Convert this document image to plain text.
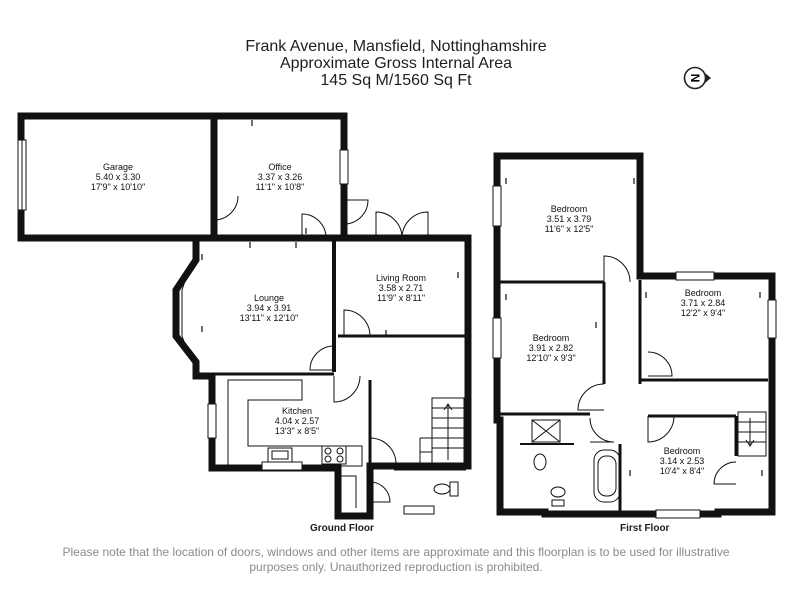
Frank Avenue, Mansfield, Nottinghamshire

Approximate Gross Internal Area

145 Sq M/1560 Sq Ft	N
Garage
5.40 x 3.30
17'9" x 10'10"
Office
3.37 x 3.26
11'1" x 10'8"
Living Room
3.58 x 2.71
11'9" x 8'11"
Lounge
3.94 x 3.91
13'11" x 12'10"
Kitchen
4.04 x 2.57
13'3" x 8'5"
Bedroom
3.51 x 3.79
11'6" x 12'5"
Bedroom
3.91 x 2.82
12'10" x 9'3"
Bedroom
3.71 x 2.84
12'2" x 9'4"
Bedroom
3.14 x 2.53
10'4" x 8'4"
Ground Floor	First Floor
Please note that the location of doors, windows and other items are approximate and this floorplan is to be used for illustrative
purposes only. Unauthorized reproduction is prohibited.
